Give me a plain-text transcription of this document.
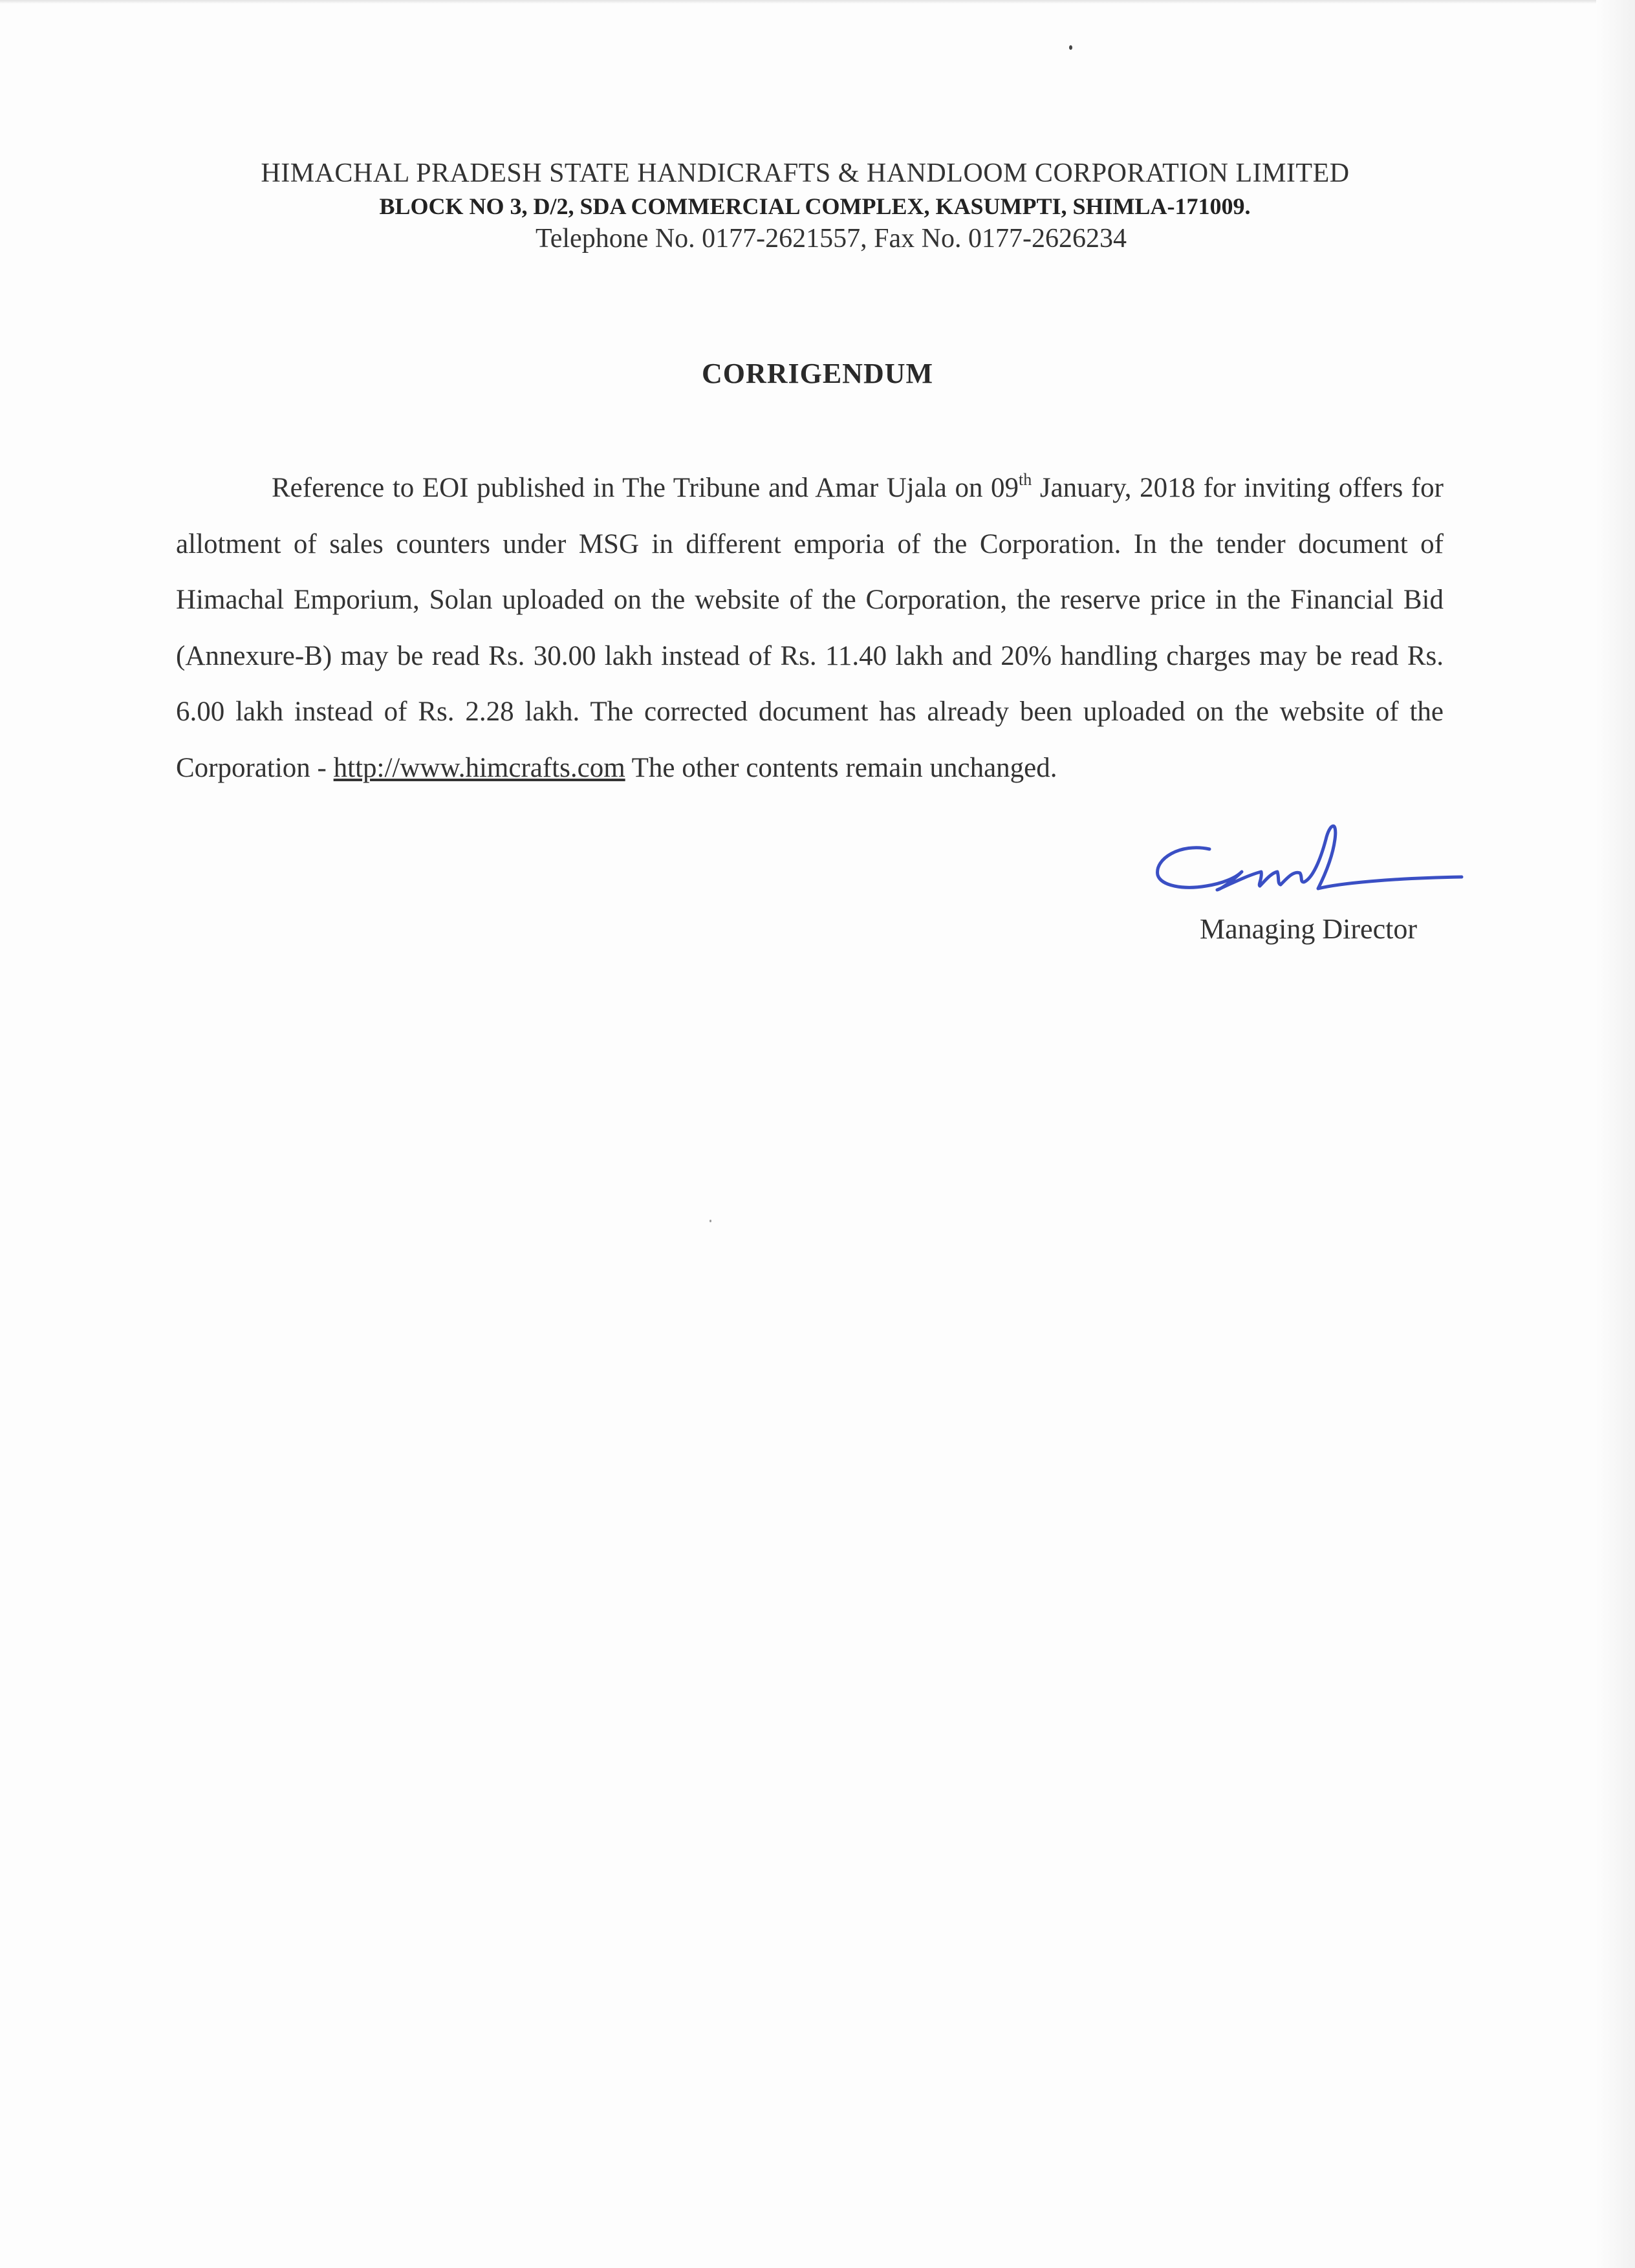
HIMACHAL PRADESH STATE HANDICRAFTS & HANDLOOM CORPORATION LIMITED
BLOCK NO 3, D/2, SDA COMMERCIAL COMPLEX, KASUMPTI, SHIMLA-171009.
Telephone No. 0177-2621557, Fax No. 0177-2626234
CORRIGENDUM
Reference to EOI published in The Tribune and Amar Ujala on 09th January, 2018 for inviting offers for allotment of sales counters under MSG in different emporia of the Corporation. In the tender document of Himachal Emporium, Solan uploaded on the website of the Corporation, the reserve price in the Financial Bid (Annexure-B) may be read Rs. 30.00 lakh instead of Rs. 11.40 lakh and 20% handling charges may be read Rs. 6.00 lakh instead of Rs. 2.28 lakh. The corrected document has already been uploaded on the website of the Corporation - http://www.himcrafts.com The other contents remain unchanged.
Managing Director
